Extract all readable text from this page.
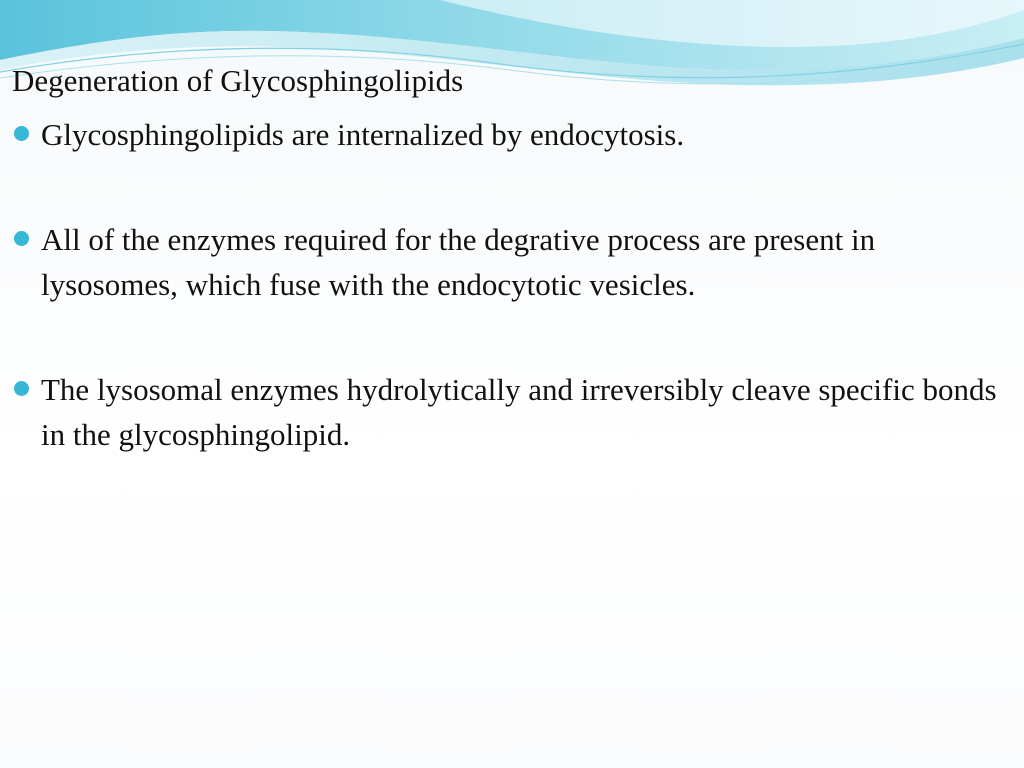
Degeneration of Glycosphingolipids
Glycosphingolipids are internalized by endocytosis.
All of the enzymes required for the degrative process are present in lysosomes, which fuse with the endocytotic vesicles.
The lysosomal enzymes hydrolytically and irreversibly cleave specific bonds in the glycosphingolipid.
